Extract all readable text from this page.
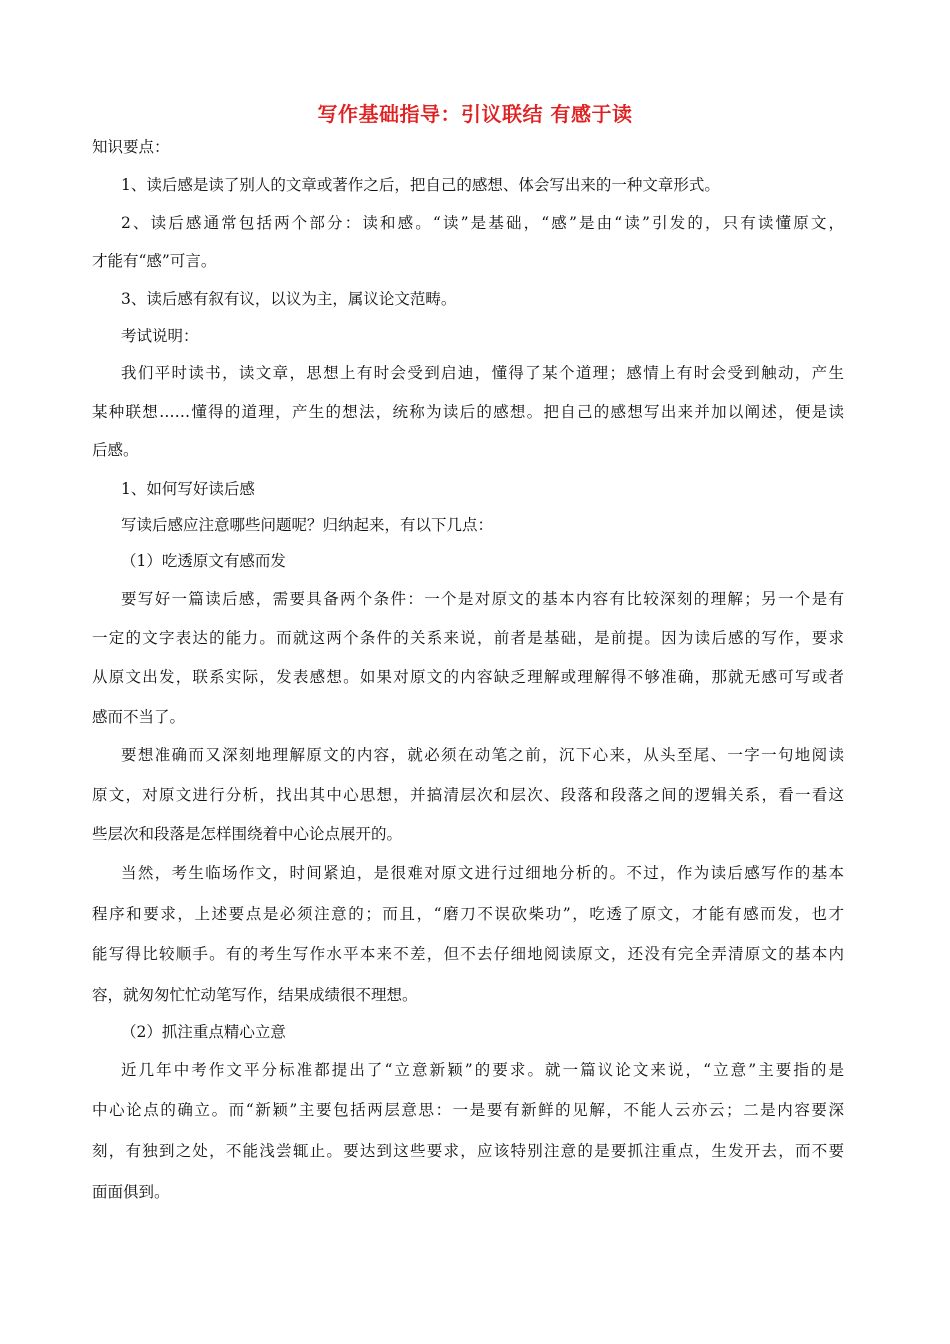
写作基础指导：引议联结 有感于读
知识要点：
1、读后感是读了别人的文章或著作之后，把自己的感想、体会写出来的一种文章形式。
2、读后感通常包括两个部分：读和感。“读”是基础，“感”是由“读”引发的，只有读懂原文，
才能有“感”可言。
3、读后感有叙有议，以议为主，属议论文范畴。
考试说明：
我们平时读书，读文章，思想上有时会受到启迪，懂得了某个道理；感情上有时会受到触动，产生
某种联想……懂得的道理，产生的想法，统称为读后的感想。把自己的感想写出来并加以阐述，便是读
后感。
1、如何写好读后感
写读后感应注意哪些问题呢？归纳起来，有以下几点：
（1）吃透原文有感而发
要写好一篇读后感，需要具备两个条件：一个是对原文的基本内容有比较深刻的理解；另一个是有
一定的文字表达的能力。而就这两个条件的关系来说，前者是基础，是前提。因为读后感的写作，要求
从原文出发，联系实际，发表感想。如果对原文的内容缺乏理解或理解得不够准确，那就无感可写或者
感而不当了。
要想准确而又深刻地理解原文的内容，就必须在动笔之前，沉下心来，从头至尾、一字一句地阅读
原文，对原文进行分析，找出其中心思想，并搞清层次和层次、段落和段落之间的逻辑关系，看一看这
些层次和段落是怎样围绕着中心论点展开的。
当然，考生临场作文，时间紧迫，是很难对原文进行过细地分析的。不过，作为读后感写作的基本
程序和要求，上述要点是必须注意的；而且，“磨刀不误砍柴功”，吃透了原文，才能有感而发，也才
能写得比较顺手。有的考生写作水平本来不差，但不去仔细地阅读原文，还没有完全弄清原文的基本内
容，就匆匆忙忙动笔写作，结果成绩很不理想。
（2）抓注重点精心立意
近几年中考作文平分标准都提出了“立意新颖”的要求。就一篇议论文来说，“立意”主要指的是
中心论点的确立。而“新颖”主要包括两层意思：一是要有新鲜的见解，不能人云亦云；二是内容要深
刻，有独到之处，不能浅尝辄止。要达到这些要求，应该特别注意的是要抓注重点，生发开去，而不要
面面俱到。
